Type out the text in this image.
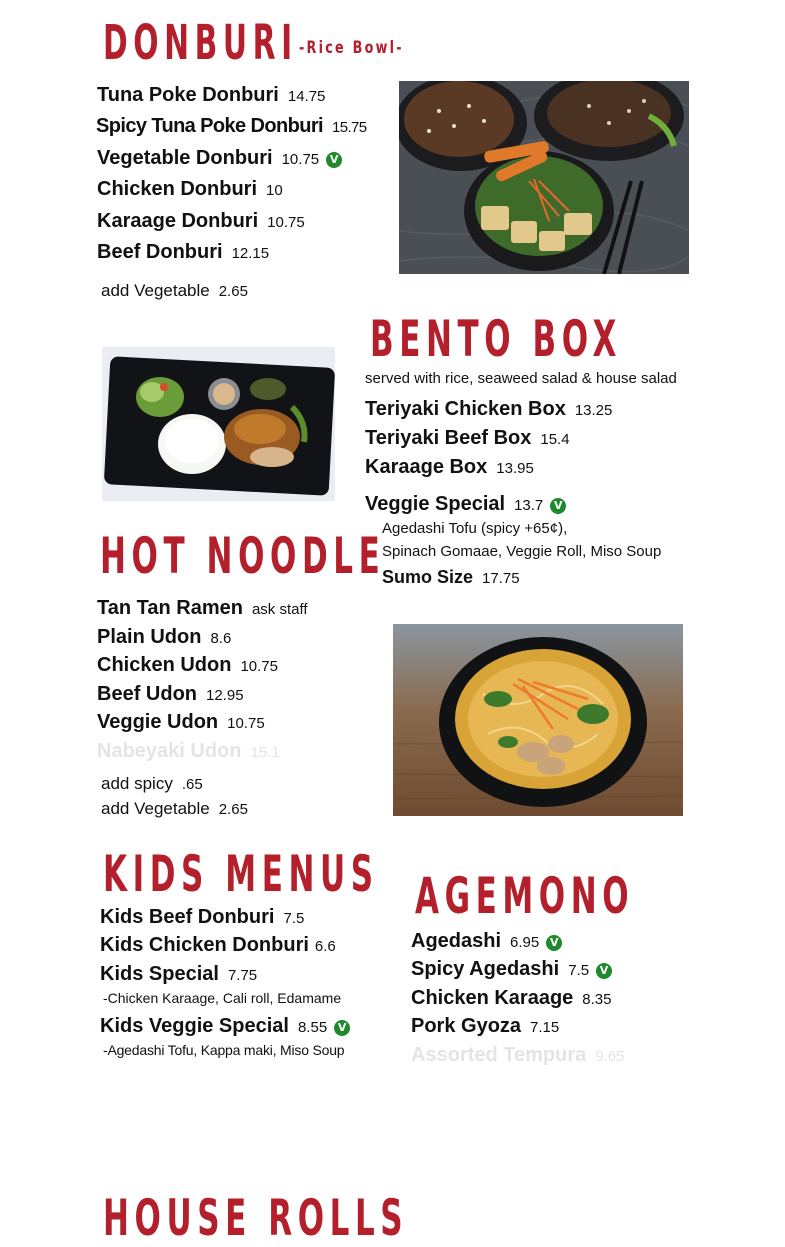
DONBURI -Rice Bowl-
Tuna Poke Donburi 14.75
Spicy Tuna Poke Donburi 15.75
Vegetable Donburi 10.75 V
Chicken Donburi 10
Karaage Donburi 10.75
Beef Donburi 12.15
add Vegetable 2.65
BENTO BOX
served with rice, seaweed salad & house salad
Teriyaki Chicken Box 13.25
Teriyaki Beef Box 15.4
Karaage Box 13.95
Veggie Special 13.7 V
Agedashi Tofu (spicy +65¢),
Spinach Gomaae, Veggie Roll, Miso Soup
Sumo Size 17.75
HOT NOODLE
Tan Tan Ramen ask staff
Plain Udon 8.6
Chicken Udon 10.75
Beef Udon 12.95
Veggie Udon 10.75
Nabeyaki Udon 15.1
add spicy .65
add Vegetable 2.65
KIDS MENUS
Kids Beef Donburi 7.5
Kids Chicken Donburi 6.6
Kids Special 7.75
-Chicken Karaage, Cali roll, Edamame
Kids Veggie Special 8.55 V
-Agedashi Tofu, Kappa maki, Miso Soup
AGEMONO
Agedashi 6.95 V
Spicy Agedashi 7.5 V
Chicken Karaage 8.35
Pork Gyoza 7.15
Assorted Tempura 9.65
HOUSE ROLLS
